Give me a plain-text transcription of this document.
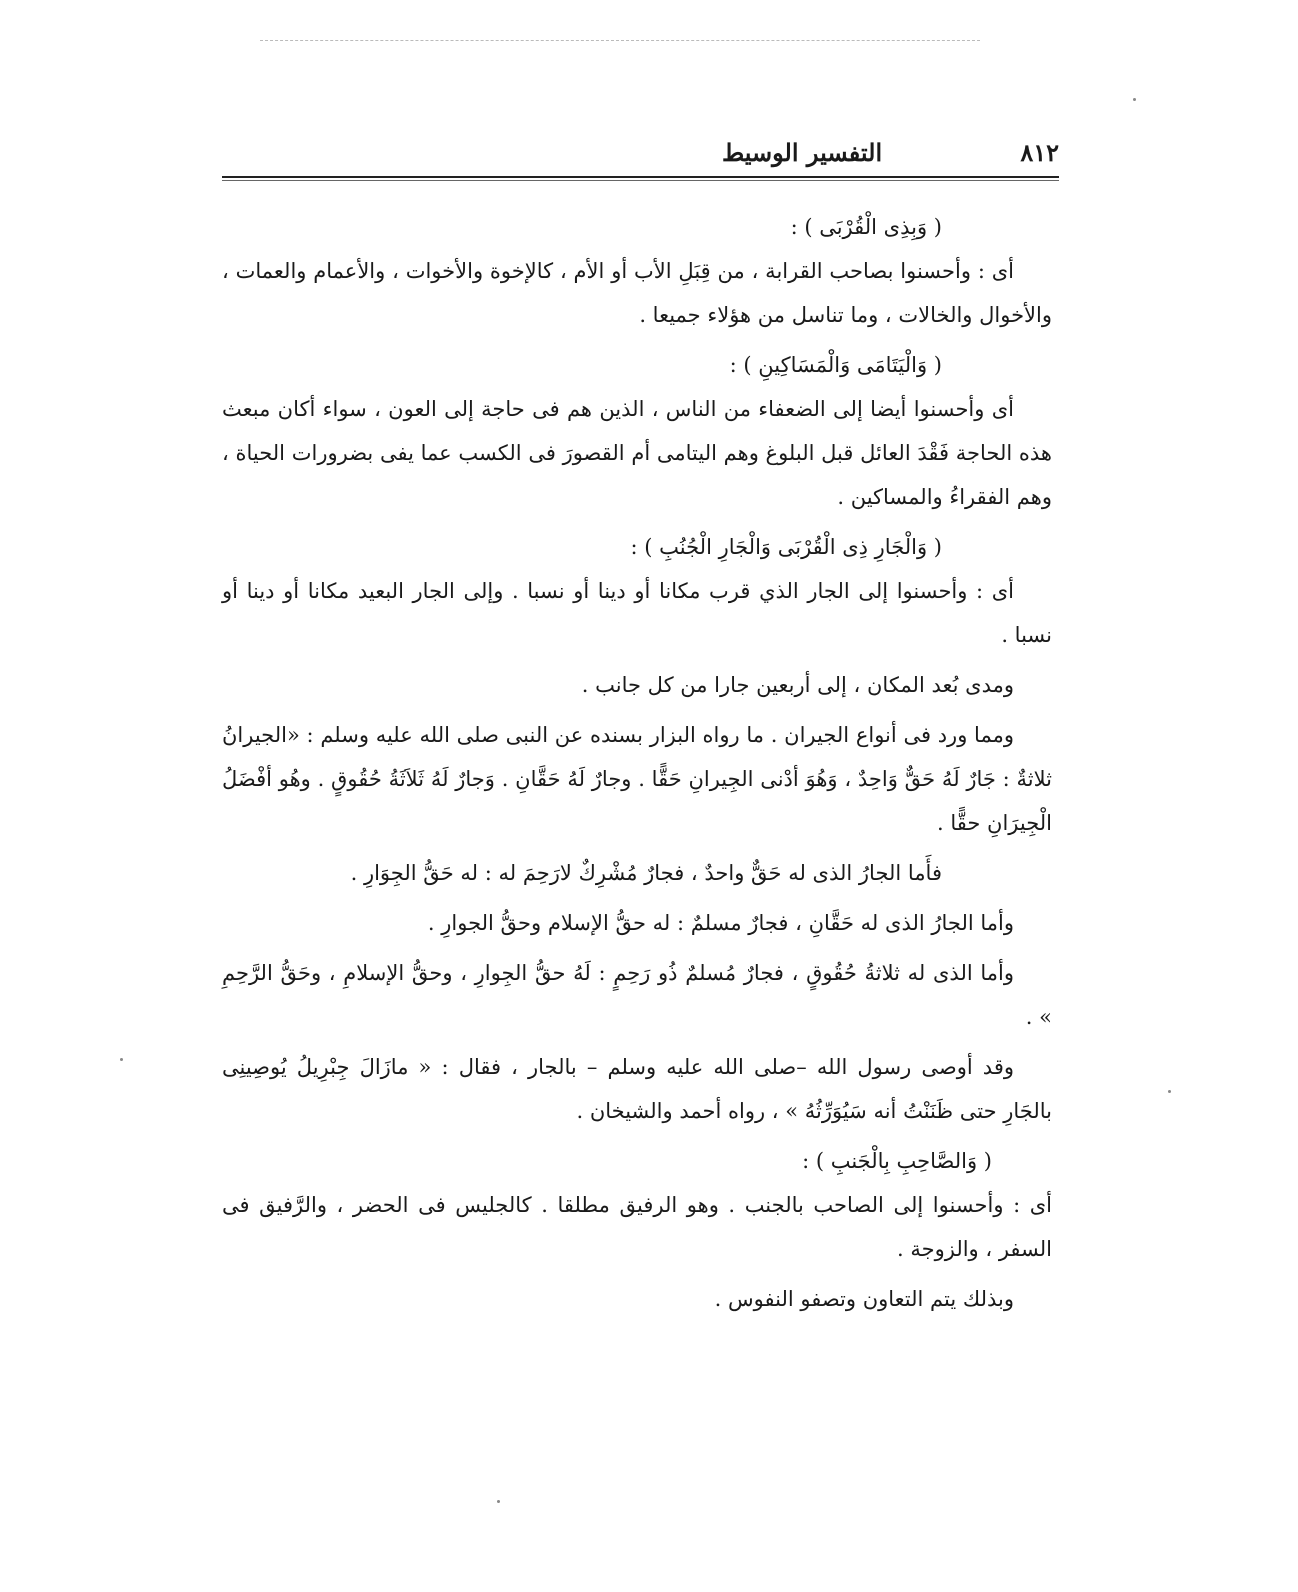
٨١٢
التفسير الوسيط

( وَبِذِى الْقُرْبَى ) :

أى : وأحسنوا بصاحب القرابة ، من قِبَلِ الأب أو الأم ، كالإخوة والأخوات ، والأعمام والعمات ، والأخوال والخالات ، وما تناسل من هؤلاء جميعا .

( وَالْيَتَامَى وَالْمَسَاكِينِ ) :

أى وأحسنوا أيضا إلى الضعفاء من الناس ، الذين هم فى حاجة إلى العون ، سواء أكان مبعث هذه الحاجة فَقْدَ العائل قبل البلوغ وهم اليتامى أم القصورَ فى الكسب عما يفى بضرورات الحياة ، وهم الفقراءُ والمساكين .

( وَالْجَارِ ذِى الْقُرْبَى وَالْجَارِ الْجُنُبِ ) :

أى : وأحسنوا إلى الجار الذي قرب مكانا أو دينا أو نسبا . وإلى الجار البعيد مكانا أو دينا أو نسبا .

ومدى بُعد المكان ، إلى أربعين جارا من كل جانب .

ومما ورد فى أنواع الجيران . ما رواه البزار بسنده عن النبى صلى الله عليه وسلم : «الجيرانُ ثلاثةٌ : جَارٌ لَهُ حَقٌّ وَاحِدٌ ، وَهُوَ أدْنى الجِيرانِ حَقًّا . وجارٌ لَهُ حَقَّانِ . وَجارٌ لَهُ ثَلاَثَةُ حُقُوقٍ . وهُو أفْضَلُ الْجِيرَانِ حقًّا .

فأَما الجارُ الذى له حَقٌّ واحدٌ ، فجارٌ مُشْرِكٌ لارَحِمَ له : له حَقُّ الجِوَارِ .

وأما الجارُ الذى له حَقَّانِ ، فجارٌ مسلمٌ : له حقُّ الإسلام وحقُّ الجوارِ .

وأما الذى له ثلاثةُ حُقُوقٍ ، فجارٌ مُسلمٌ ذُو رَحِمٍ : لَهُ حقُّ الجِوارِ ، وحقُّ الإسلامِ ، وحَقُّ الرَّحِمِ » .

وقد أوصى رسول الله –صلى الله عليه وسلم – بالجار ، فقال : « مازَالَ جِبْرِيلُ يُوصِينِى بالجَارِ حتى ظَنَنْتُ أنه سَيُوَرِّثُهُ » ، رواه أحمد والشيخان .

( وَالصَّاحِبِ بِالْجَنبِ ) :

أى : وأحسنوا إلى الصاحب بالجنب . وهو الرفيق مطلقا . كالجليس فى الحضر ، والرَّفيق فى السفر ، والزوجة .

وبذلك يتم التعاون وتصفو النفوس .
